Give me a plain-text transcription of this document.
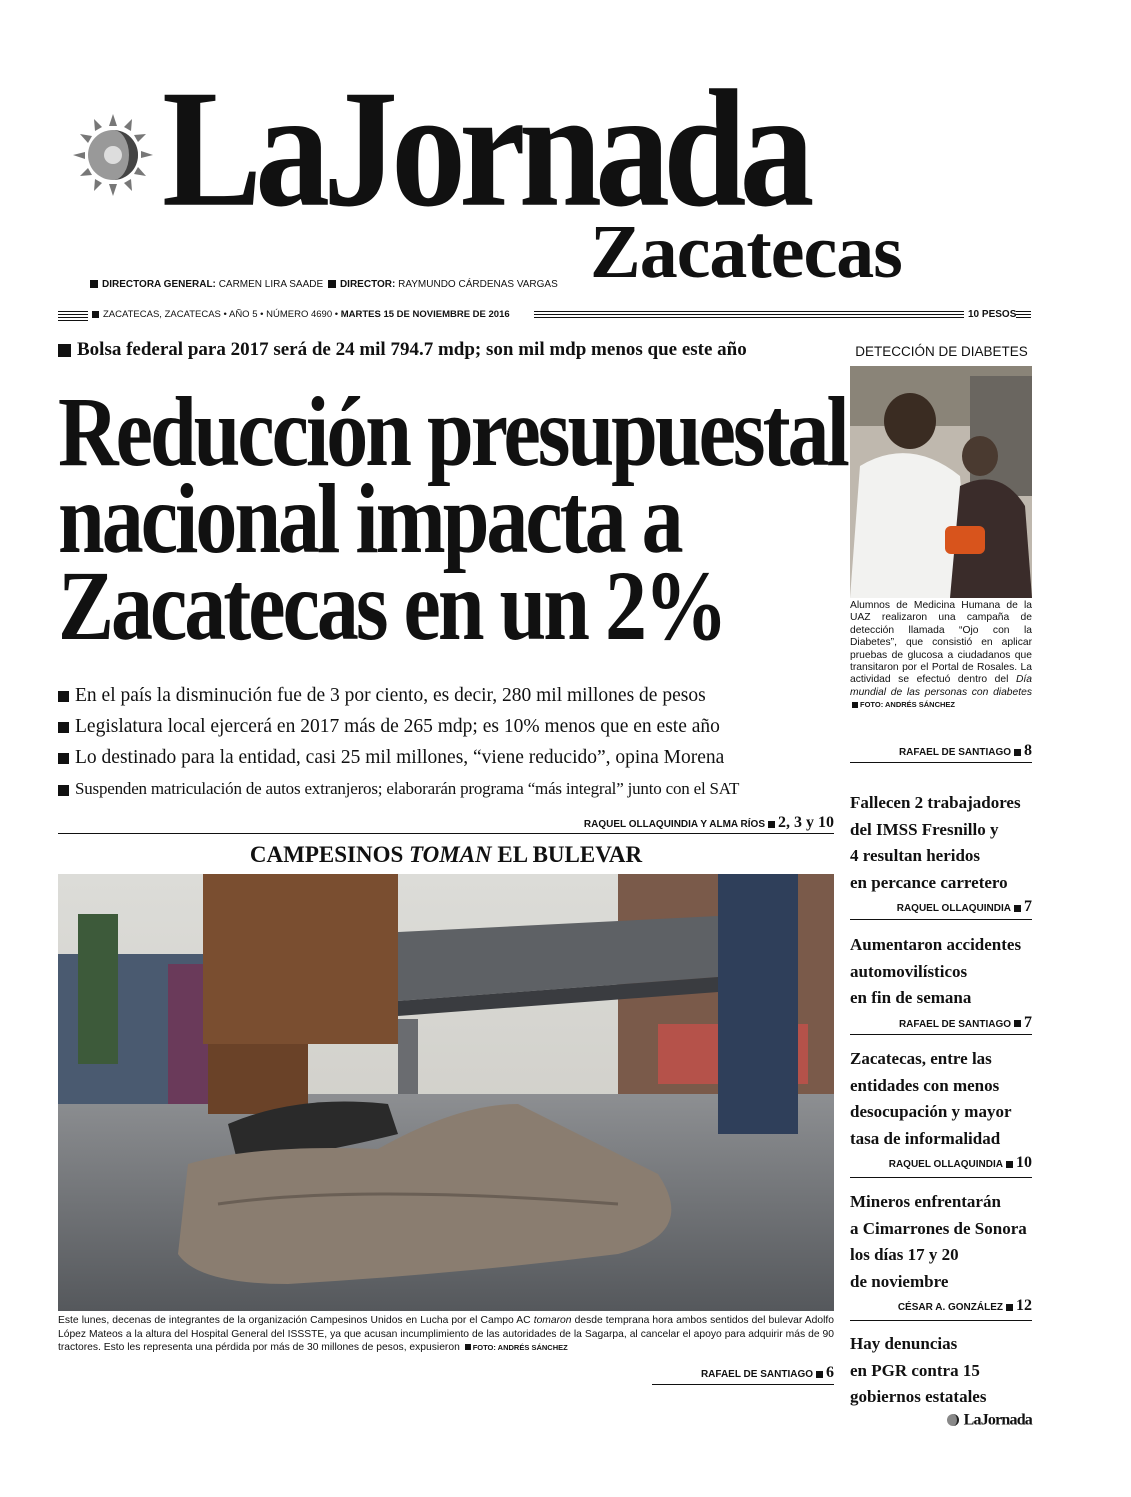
LaJornada
Zacatecas
DIRECTORA GENERAL: CARMEN LIRA SAADE DIRECTOR: RAYMUNDO CÁRDENAS VARGAS
ZACATECAS, ZACATECAS • AÑO 5 • NÚMERO 4690 • MARTES 15 DE NOVIEMBRE DE 2016	10 PESOS
Bolsa federal para 2017 será de 24 mil 794.7 mdp; son mil mdp menos que este año
Reducción presupuestal
nacional impacta a
Zacatecas en un 2%
En el país la disminución fue de 3 por ciento, es decir, 280 mil millones de pesos
Legislatura local ejercerá en 2017 más de 265 mdp; es 10% menos que en este año
Lo destinado para la entidad, casi 25 mil millones, “viene reducido”, opina Morena
Suspenden matriculación de autos extranjeros; elaborarán programa “más integral” junto con el SAT
RAQUEL OLLAQUINDIA Y ALMA RÍOS 2, 3 y 10
CAMPESINOS TOMAN EL BULEVAR
Este lunes, decenas de integrantes de la organización Campesinos Unidos en Lucha por el Campo AC tomaron desde temprana hora ambos sentidos del bulevar Adolfo López Mateos a la altura del Hospital General del ISSSTE, ya que acusan incumplimiento de las autoridades de la Sagarpa, al cancelar el apoyo para adquirir más de 90 tractores. Esto les representa una pérdida por más de 30 millones de pesos, expusieron FOTO: ANDRÉS SÁNCHEZ
RAFAEL DE SANTIAGO 6
DETECCIÓN DE DIABETES
Alumnos de Medicina Humana de la UAZ realizaron una campaña de detección llamada “Ojo con la Diabetes”, que consistió en aplicar pruebas de glucosa a ciudadanos que transitaron por el Portal de Rosales. La actividad se efectuó dentro del Día mundial de las personas con diabetes FOTO: ANDRÉS SÁNCHEZ
RAFAEL DE SANTIAGO 8
Fallecen 2 trabajadores
del IMSS Fresnillo y
4 resultan heridos
en percance carretero
RAQUEL OLLAQUINDIA 7
Aumentaron accidentes
automovilísticos
en fin de semana
RAFAEL DE SANTIAGO 7
Zacatecas, entre las
entidades con menos
desocupación y mayor
tasa de informalidad
RAQUEL OLLAQUINDIA 10
Mineros enfrentarán
a Cimarrones de Sonora
los días 17 y 20
de noviembre
CÉSAR A. GONZÁLEZ 12
Hay denuncias
en PGR contra 15
gobiernos estatales
LaJornada
